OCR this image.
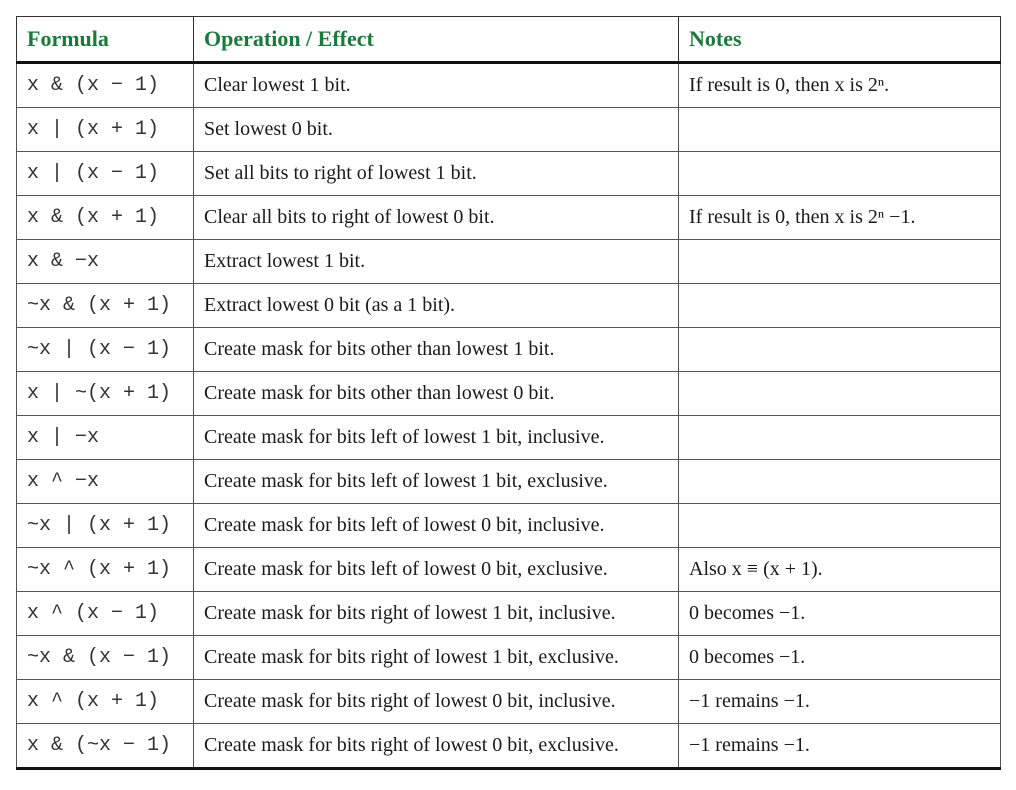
Formula	Operation / Effect	Notes
x & (x − 1)	Clear lowest 1 bit.	If result is 0, then x is 2ⁿ.
x | (x + 1)	Set lowest 0 bit.	
x | (x − 1)	Set all bits to right of lowest 1 bit.	
x & (x + 1)	Clear all bits to right of lowest 0 bit.	If result is 0, then x is 2ⁿ −1.
x & −x	Extract lowest 1 bit.	
~x & (x + 1)	Extract lowest 0 bit (as a 1 bit).	
~x | (x − 1)	Create mask for bits other than lowest 1 bit.	
x | ~(x + 1)	Create mask for bits other than lowest 0 bit.	
x | −x	Create mask for bits left of lowest 1 bit, inclusive.	
x ^ −x	Create mask for bits left of lowest 1 bit, exclusive.	
~x | (x + 1)	Create mask for bits left of lowest 0 bit, inclusive.	
~x ^ (x + 1)	Create mask for bits left of lowest 0 bit, exclusive.	Also x ≡ (x + 1).
x ^ (x − 1)	Create mask for bits right of lowest 1 bit, inclusive.	0 becomes −1.
~x & (x − 1)	Create mask for bits right of lowest 1 bit, exclusive.	0 becomes −1.
x ^ (x + 1)	Create mask for bits right of lowest 0 bit, inclusive.	−1 remains −1.
x & (~x − 1)	Create mask for bits right of lowest 0 bit, exclusive.	−1 remains −1.
